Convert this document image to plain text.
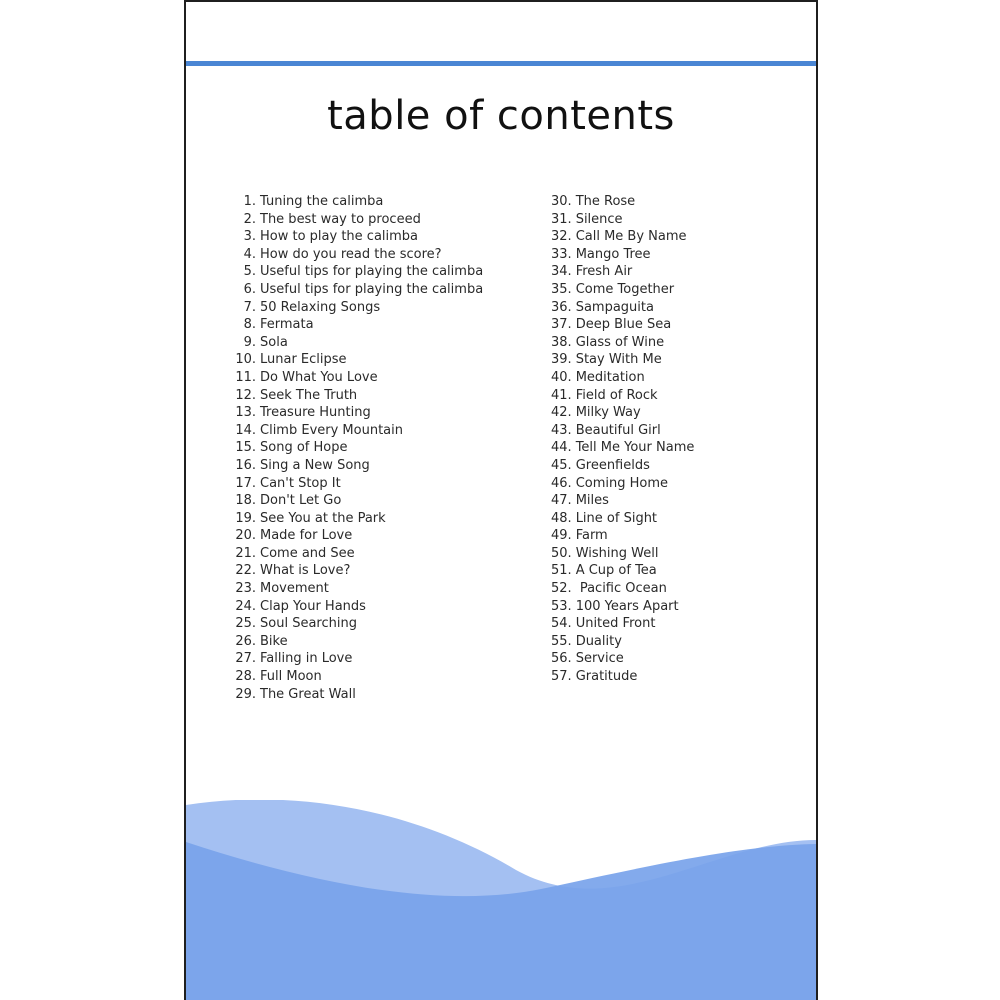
table of contents
1. Tuning the calimba
2. The best way to proceed
3. How to play the calimba
4. How do you read the score?
5. Useful tips for playing the calimba
6. Useful tips for playing the calimba
7. 50 Relaxing Songs
8. Fermata
9. Sola
10. Lunar Eclipse
11. Do What You Love
12. Seek The Truth
13. Treasure Hunting
14. Climb Every Mountain
15. Song of Hope
16. Sing a New Song
17. Can't Stop It
18. Don't Let Go
19. See You at the Park
20. Made for Love
21. Come and See
22. What is Love?
23. Movement
24. Clap Your Hands
25. Soul Searching
26. Bike
27. Falling in Love
28. Full Moon
29. The Great Wall
30. The Rose
31. Silence
32. Call Me By Name
33. Mango Tree
34. Fresh Air
35. Come Together
36. Sampaguita
37. Deep Blue Sea
38. Glass of Wine
39. Stay With Me
40. Meditation
41. Field of Rock
42. Milky Way
43. Beautiful Girl
44. Tell Me Your Name
45. Greenfields
46. Coming Home
47. Miles
48. Line of Sight
49. Farm
50. Wishing Well
51. A Cup of Tea
52. Pacific Ocean
53. 100 Years Apart
54. United Front
55. Duality
56. Service
57. Gratitude
